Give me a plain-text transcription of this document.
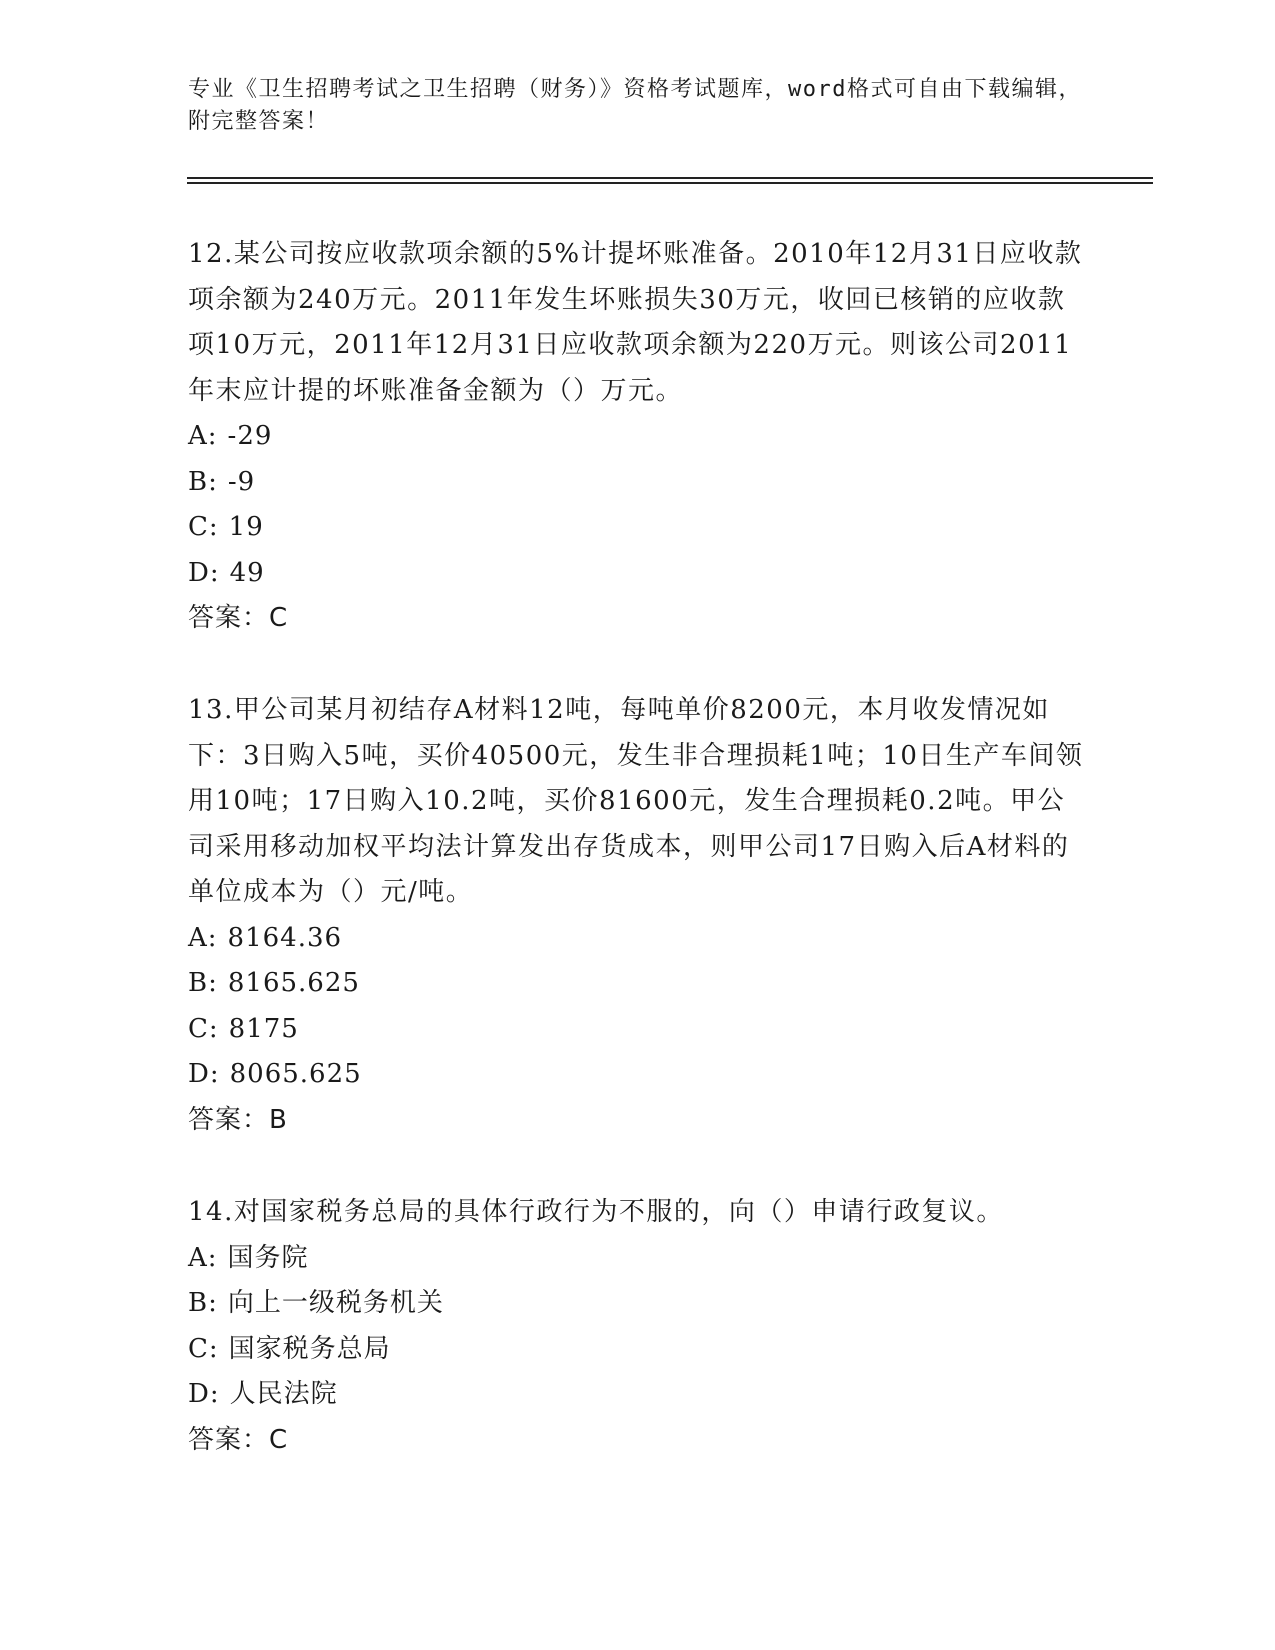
专业《卫生招聘考试之卫生招聘（财务）》资格考试题库，word格式可自由下载编辑，附完整答案！

12.某公司按应收款项余额的5%计提坏账准备。2010年12月31日应收款项余额为240万元。2011年发生坏账损失30万元，收回已核销的应收款项10万元，2011年12月31日应收款项余额为220万元。则该公司2011年末应计提的坏账准备金额为（）万元。

A: -29

B: -9

C: 19

D: 49

答案：C

13.甲公司某月初结存A材料12吨，每吨单价8200元，本月收发情况如下：3日购入5吨，买价40500元，发生非合理损耗1吨；10日生产车间领用10吨；17日购入10.2吨，买价81600元，发生合理损耗0.2吨。甲公司采用移动加权平均法计算发出存货成本，则甲公司17日购入后A材料的单位成本为（）元/吨。

A: 8164.36

B: 8165.625

C: 8175

D: 8065.625

答案：B

14.对国家税务总局的具体行政行为不服的，向（）申请行政复议。

A: 国务院

B: 向上一级税务机关

C: 国家税务总局

D: 人民法院

答案：C
